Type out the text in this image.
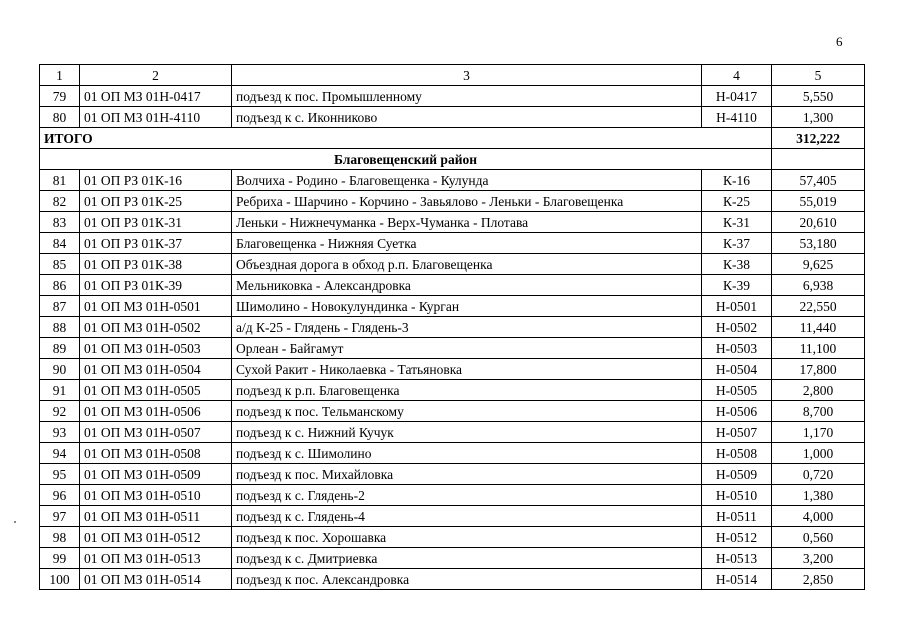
6
1	2	3	4	5
79	01 ОП МЗ 01Н-0417	подъезд к пос. Промышленному	Н-0417	5,550
80	01 ОП МЗ 01Н-4110	подъезд к с. Иконниково	Н-4110	1,300
ИТОГО				312,222
Благовещенский район				
81	01 ОП РЗ 01К-16	Волчиха - Родино - Благовещенка - Кулунда	К-16	57,405
82	01 ОП РЗ 01К-25	Ребриха - Шарчино - Корчино - Завьялово - Леньки - Благовещенка	К-25	55,019
83	01 ОП РЗ 01К-31	Леньки - Нижнечуманка - Верх-Чуманка - Плотава	К-31	20,610
84	01 ОП РЗ 01К-37	Благовещенка - Нижняя Суетка	К-37	53,180
85	01 ОП РЗ 01К-38	Объездная дорога в обход р.п. Благовещенка	К-38	9,625
86	01 ОП РЗ 01К-39	Мельниковка - Александровка	К-39	6,938
87	01 ОП МЗ 01Н-0501	Шимолино - Новокулундинка - Курган	Н-0501	22,550
88	01 ОП МЗ 01Н-0502	а/д К-25 - Глядень - Глядень-3	Н-0502	11,440
89	01 ОП МЗ 01Н-0503	Орлеан - Байгамут	Н-0503	11,100
90	01 ОП МЗ 01Н-0504	Сухой Ракит - Николаевка - Татьяновка	Н-0504	17,800
91	01 ОП МЗ 01Н-0505	подъезд к р.п. Благовещенка	Н-0505	2,800
92	01 ОП МЗ 01Н-0506	подъезд к пос. Тельманскому	Н-0506	8,700
93	01 ОП МЗ 01Н-0507	подъезд к с. Нижний Кучук	Н-0507	1,170
94	01 ОП МЗ 01Н-0508	подъезд к с. Шимолино	Н-0508	1,000
95	01 ОП МЗ 01Н-0509	подъезд к пос. Михайловка	Н-0509	0,720
96	01 ОП МЗ 01Н-0510	подъезд к с. Глядень-2	Н-0510	1,380
97	01 ОП МЗ 01Н-0511	подъезд к с. Глядень-4	Н-0511	4,000
98	01 ОП МЗ 01Н-0512	подъезд к пос. Хорошавка	Н-0512	0,560
99	01 ОП МЗ 01Н-0513	подъезд к с. Дмитриевка	Н-0513	3,200
100	01 ОП МЗ 01Н-0514	подъезд к пос. Александровка	Н-0514	2,850
